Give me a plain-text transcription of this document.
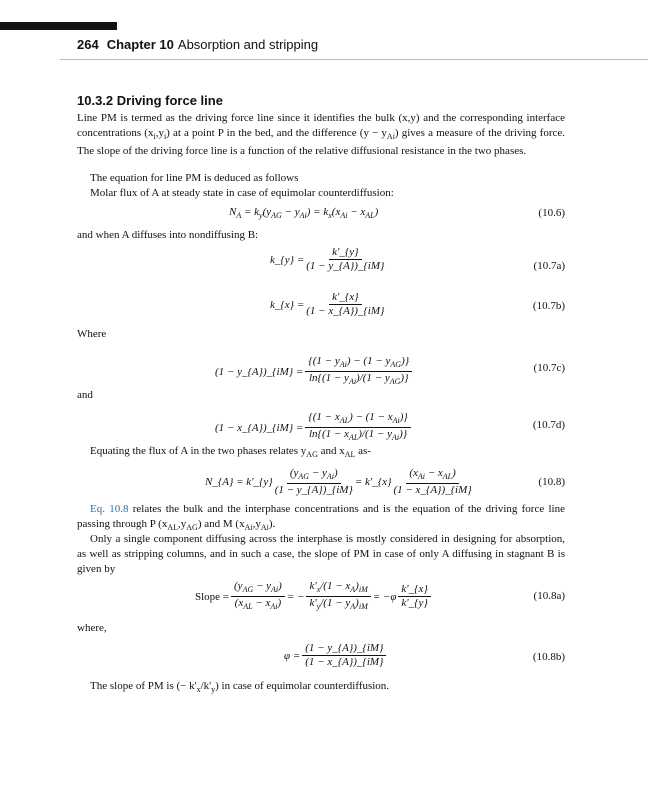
264 Chapter 10 Absorption and stripping
10.3.2 Driving force line
Line PM is termed as the driving force line since it identifies the bulk (x,y) and the corresponding interface concentrations $(x_i,y_i)$ at a point P in the bed, and the difference $(y - y_{Ai})$ gives a measure of the driving force. The slope of the driving force line is a function of the relative diffusional resistance in the two phases.
The equation for line PM is deduced as follows
Molar flux of A at steady state in case of equimolar counterdiffusion:
$N_A = k_y(y_{AG} - y_{Ai}) = k_x(x_{Ai} - x_{AL})$	(10.6)
and when A diffuses into nondiffusing B:
k_{y} = $\frac{k'\_\{y\}}{(1 - y\_\{A\})\_\{iM\}}$	(10.7a)
k_{x} = $\frac{k'\_\{x\}}{(1 - x\_\{A\})\_\{iM\}}$	(10.7b)
Where
(1 − y_{A})_{iM} = $\frac{\{(1 - y_{Ai}) - (1 - y_{AG})\}}{\ln\{(1 - y_{Ai})/(1 - y_{AG})\}}$	(10.7c)
and
(1 − x_{A})_{iM} = $\frac{\{(1 - x_{AL}) - (1 - x_{Ai})\}}{\ln\{(1 - x_{AL})/(1 - y_{Ai})\}}$	(10.7d)
Equating the flux of A in the two phases relates $y_{AG}$ and $x_{AL}$ as-
N_{A} = k'_{y} $\frac{(y_{AG} - y_{Ai})}{(1 - y\_\{A\})\_\{iM\}}$ = k'_{x} $\frac{(x_{Ai} - x_{AL})}{(1 - x\_\{A\})\_\{iM\}}$	(10.8)
Eq. 10.8 relates the bulk and the interphase concentrations and is the equation of the driving force line passing through P $(x_{AL},y_{AG})$ and M $(x_{Ai},y_{Ai})$.
Only a single component diffusing across the interphase is mostly considered in designing for absorption, as well as stripping columns, and in such a case, the slope of PM in case of only A diffusing in stagnant B is given by
Slope = $\frac{(y_{AG} - y_{Ai})}{(x_{AL} - x_{Ai})}$ = − $\frac{k'_x/(1 - x_A)_{iM}}{k'_y/(1 - y_A)_{iM}} = -\varphi \frac{k'\_\{x\}}{k'\_\{y\}}$	(10.8a)
where,
$\varphi = \frac{(1 - y\_\{A\})\_\{iM\}}{(1 - x\_\{A\})\_\{iM\}}$	(10.8b)
The slope of PM is (− $k'_x/k'_y$) in case of equimolar counterdiffusion.
